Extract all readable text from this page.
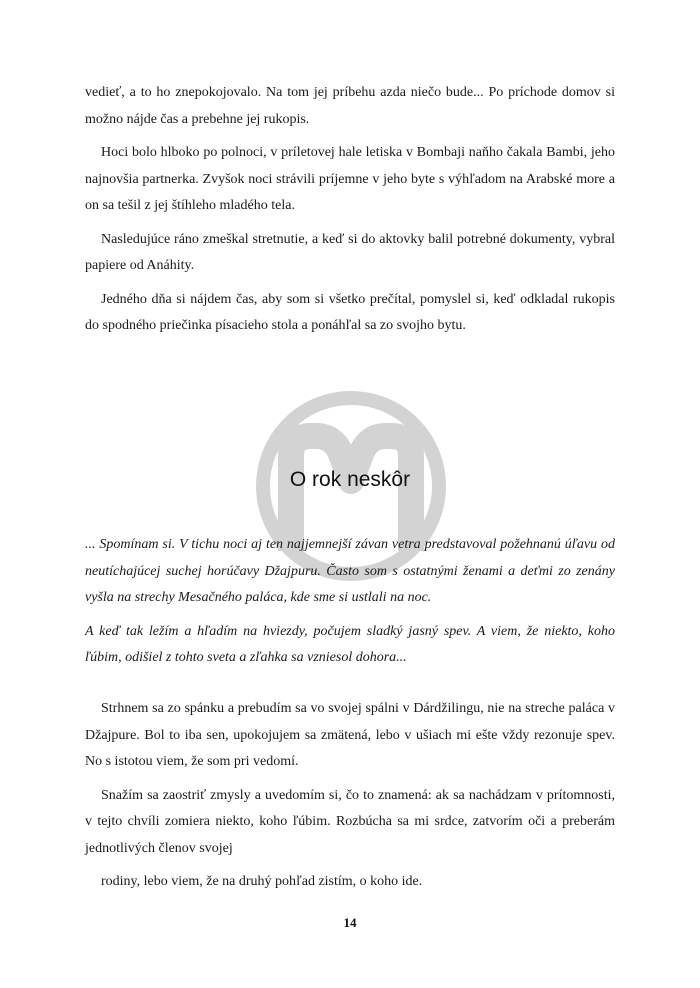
vedieť, a to ho znepokojovalo. Na tom jej príbehu azda niečo bude... Po príchode domov si možno nájde čas a prebehne jej rukopis.

Hoci bolo hlboko po polnoci, v príletovej hale letiska v Bombaji naňho čakala Bambi, jeho najnovšia partnerka. Zvyšok noci strávili príjemne v jeho byte s výhľadom na Arabské more a on sa tešil z jej štíhleho mladého tela.

Nasledujúce ráno zmeškal stretnutie, a keď si do aktovky balil potrebné dokumenty, vybral papiere od Anáhity.

Jedného dňa si nájdem čas, aby som si všetko prečítal, pomyslel si, keď odkladal rukopis do spodného priečinka písacieho stola a ponáhľal sa zo svojho bytu.

O rok neskôr

... Spomínam si. V tichu noci aj ten najjemnejší závan vetra predstavoval požehnanú úľavu od neutíchajúcej suchej horúčavy Džajpuru. Často som s ostatnými ženami a deťmi zo zenány vyšla na strechy Mesačného paláca, kde sme si ustlali na noc.

A keď tak ležím a hľadím na hviezdy, počujem sladký jasný spev. A viem, že niekto, koho ľúbim, odišiel z tohto sveta a zľahka sa vzniesol dohora...

Strhnem sa zo spánku a prebudím sa vo svojej spálni v Dárdžilingu, nie na streche paláca v Džajpure. Bol to iba sen, upokojujem sa zmätená, lebo v ušiach mi ešte vždy rezonuje spev. No s istotou viem, že som pri vedomí.

Snažím sa zaostriť zmysly a uvedomím si, čo to znamená: ak sa nachádzam v prítomnosti, v tejto chvíli zomiera niekto, koho ľúbim. Rozbúcha sa mi srdce, zatvorím oči a preberám jednotlivých členov svojej

rodiny, lebo viem, že na druhý pohľad zistím, o koho ide.

14
